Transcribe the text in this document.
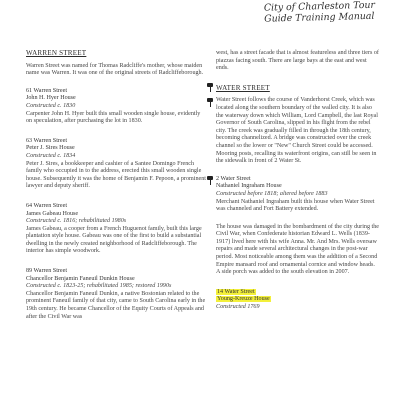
City of Charleston Tour
Guide Training Manual
WARREN STREET

Warren Street was named for Thomas Radcliffe's mother, whose maiden name was Warren. It was one of the original streets of Radcliffeborough.

61 Warren Street

John H. Hyer House

Constructed c. 1830

Carpenter John H. Hyer built this small wooden single house, evidently on speculation, after purchasing the lot in 1830.

63 Warren Street

Peter J. Sires House

Constructed c. 1834

Peter J. Sires, a bookkeeper and cashier of a Santee Domingo French family who occupied in to the address, erected this small wooden single house. Subsequently it was the home of Benjamin F. Pepoon, a prominent lawyer and deputy sheriff.

64 Warren Street

James Gabeau House

Constructed c. 1816; rehabilitated 1980s

James Gabeau, a cooper from a French Huguenot family, built this large plantation style house. Gabeau was one of the first to build a substantial dwelling in the newly created neighborhood of Radcliffeborough. The interior has simple woodwork.

89 Warren Street

Chancellor Benjamin Faneuil Dunkin House

Constructed c. 1823-25; rehabilitated 1985; restored 1990s

Chancellor Benjamin Faneuil Dunkin, a native Bostonian related to the prominent Faneuil family of that city, came to South Carolina early in the 19th century. He became Chancellor of the Equity Courts of Appeals and after the Civil War was

west, has a street facade that is almost featureless and three tiers of piazzas facing south. There are large bays at the east and west ends.

WATER STREET

Water Street follows the course of Vanderhorst Creek, which was located along the southern boundary of the walled city. It is also the waterway down which William, Lord Campbell, the last Royal Governor of South Carolina, slipped in his flight from the rebel city. The creek was gradually filled in through the 18th century, becoming channelized. A bridge was constructed over the creek channel so the lower or "New" Church Street could be accessed. Mooring posts, recalling its waterfront origins, can still be seen in the sidewalk in front of 2 Water St.

2 Water Street

Nathaniel Ingraham House

Constructed before 1818; altered before 1883

Merchant Nathaniel Ingraham built this house when Water Street was channeled and Fort Battery extended.

The house was damaged in the bombardment of the city during the Civil War, when Confederate historian Edward L. Wells (1839-1917) lived here with his wife Anna. Mr. And Mrs. Wells oversaw repairs and made several architectural changes in the post-war period. Most noticeable among them was the addition of a Second Empire mansard roof and ornamental cornice and window heads. A side porch was added to the south elevation in 2007.

14 Water Street

Young-Kreuze House

Constructed 1769
